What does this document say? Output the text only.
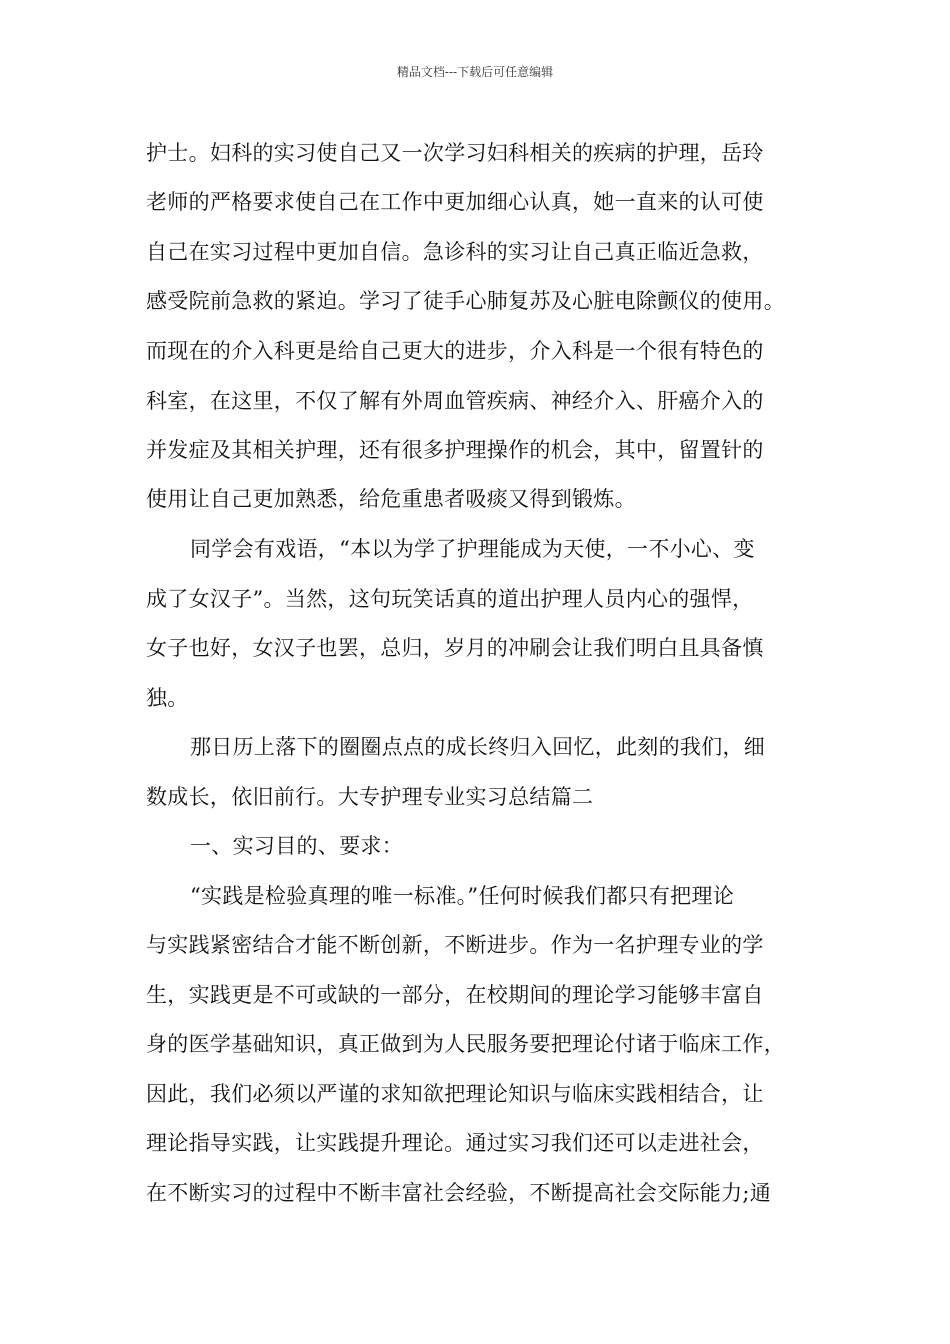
精品文档---下载后可任意编辑
护士。妇科的实习使自己又一次学习妇科相关的疾病的护理，岳玲
老师的严格要求使自己在工作中更加细心认真，她一直来的认可使
自己在实习过程中更加自信。急诊科的实习让自己真正临近急救，
感受院前急救的紧迫。学习了徒手心肺复苏及心脏电除颤仪的使用。
而现在的介入科更是给自己更大的进步，介入科是一个很有特色的
科室，在这里，不仅了解有外周血管疾病、神经介入、肝癌介入的
并发症及其相关护理，还有很多护理操作的机会，其中，留置针的
使用让自己更加熟悉，给危重患者吸痰又得到锻炼。
同学会有戏语，“本以为学了护理能成为天使，一不小心、变
成了女汉子”。当然，这句玩笑话真的道出护理人员内心的强悍，
女子也好，女汉子也罢，总归，岁月的冲刷会让我们明白且具备慎
独。
那日历上落下的圈圈点点的成长终归入回忆，此刻的我们，细
数成长，依旧前行。大专护理专业实习总结篇二
一、实习目的、要求：
“实践是检验真理的唯一标准。”任何时候我们都只有把理论
与实践紧密结合才能不断创新，不断进步。作为一名护理专业的学
生，实践更是不可或缺的一部分，在校期间的理论学习能够丰富自
身的医学基础知识，真正做到为人民服务要把理论付诸于临床工作，
因此，我们必须以严谨的求知欲把理论知识与临床实践相结合，让
理论指导实践，让实践提升理论。通过实习我们还可以走进社会，
在不断实习的过程中不断丰富社会经验，不断提高社会交际能力;通
